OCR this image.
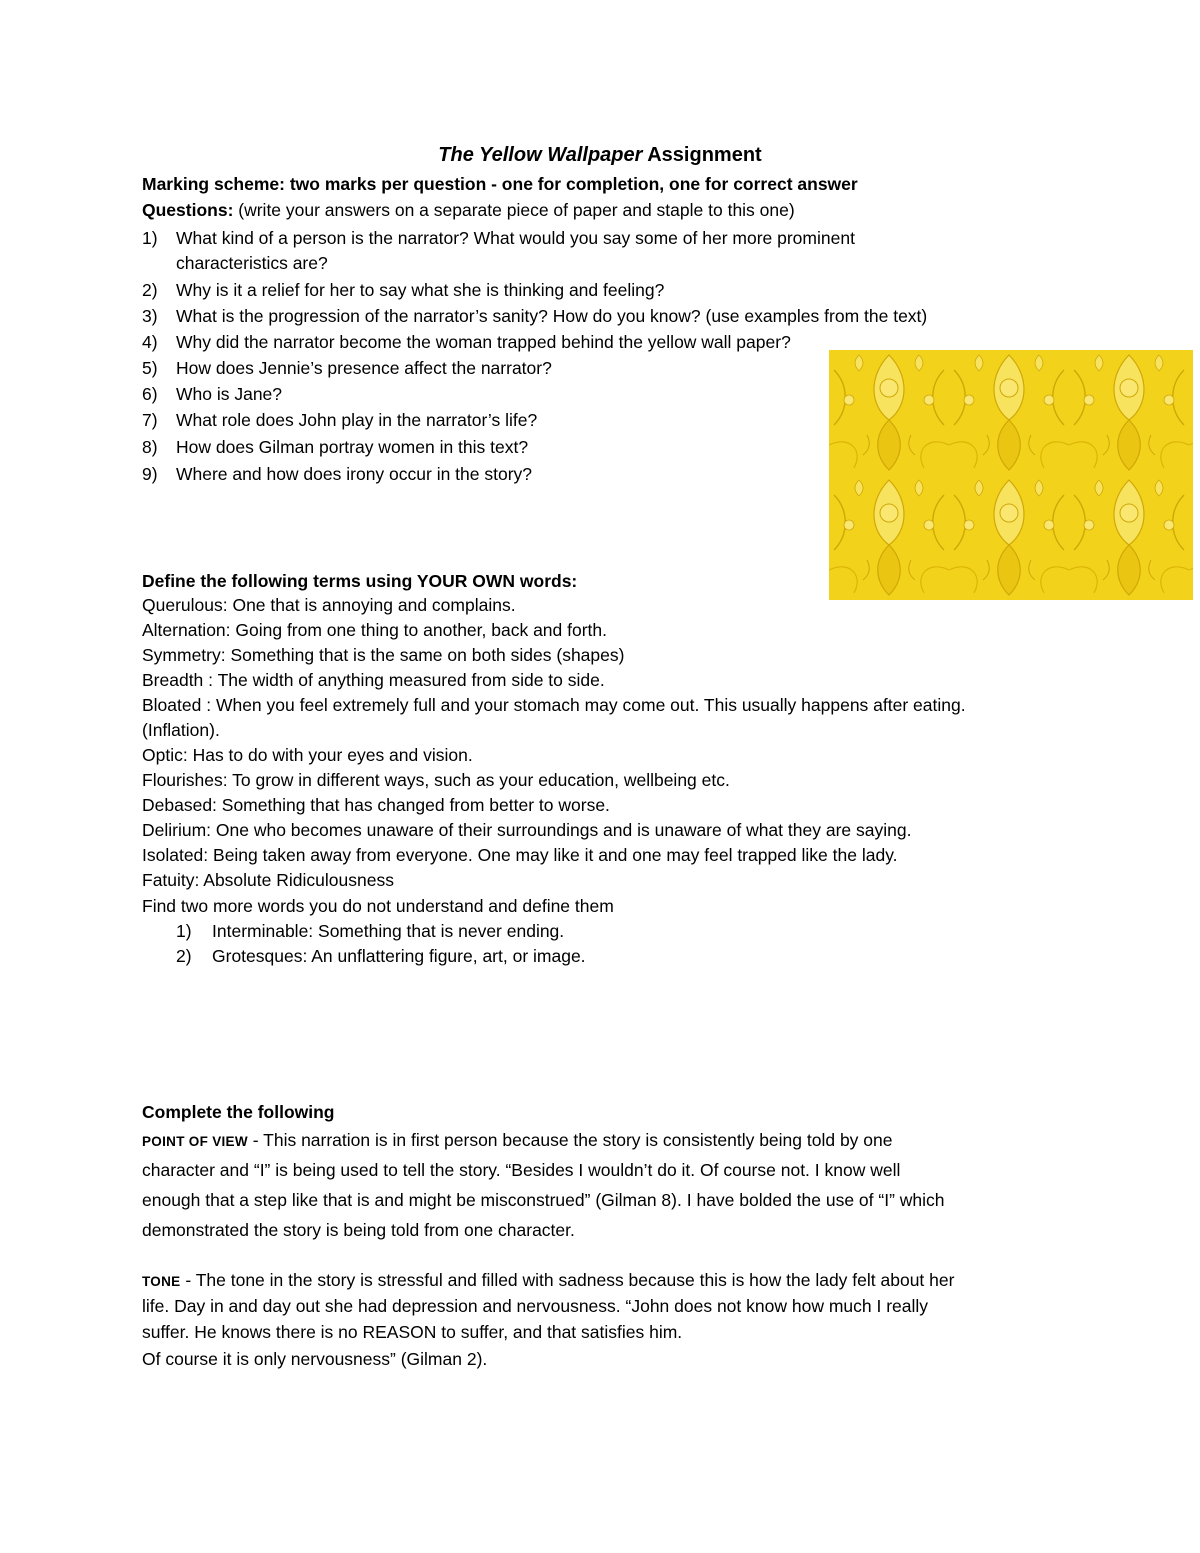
The Yellow Wallpaper Assignment
Marking scheme: two marks per question - one for completion, one for correct answer
Questions: (write your answers on a separate piece of paper and staple to this one)
1) What kind of a person is the narrator? What would you say some of her more prominent
characteristics are?
2) Why is it a relief for her to say what she is thinking and feeling?
3) What is the progression of the narrator’s sanity? How do you know? (use examples from the text)
4) Why did the narrator become the woman trapped behind the yellow wall paper?
5) How does Jennie’s presence affect the narrator?
6) Who is Jane?
7) What role does John play in the narrator’s life?
8) How does Gilman portray women in this text?
9) Where and how does irony occur in the story?
Define the following terms using YOUR OWN words:
Querulous: One that is annoying and complains.
Alternation: Going from one thing to another, back and forth.
Symmetry: Something that is the same on both sides (shapes)
Breadth : The width of anything measured from side to side.
Bloated : When you feel extremely full and your stomach may come out. This usually happens after eating.
(Inflation).
Optic: Has to do with your eyes and vision.
Flourishes: To grow in different ways, such as your education, wellbeing etc.
Debased: Something that has changed from better to worse.
Delirium: One who becomes unaware of their surroundings and is unaware of what they are saying.
Isolated: Being taken away from everyone. One may like it and one may feel trapped like the lady.
Fatuity: Absolute Ridiculousness
Find two more words you do not understand and define them
1) Interminable: Something that is never ending.
2) Grotesques: An unflattering figure, art, or image.
Complete the following
POINT OF VIEW - This narration is in first person because the story is consistently being told by one
character and “I” is being used to tell the story. “Besides I wouldn’t do it. Of course not. I know well
enough that a step like that is and might be misconstrued” (Gilman 8). I have bolded the use of “I” which
demonstrated the story is being told from one character.
TONE - The tone in the story is stressful and filled with sadness because this is how the lady felt about her
life. Day in and day out she had depression and nervousness. “John does not know how much I really
suffer. He knows there is no REASON to suffer, and that satisfies him.
Of course it is only nervousness” (Gilman 2).
